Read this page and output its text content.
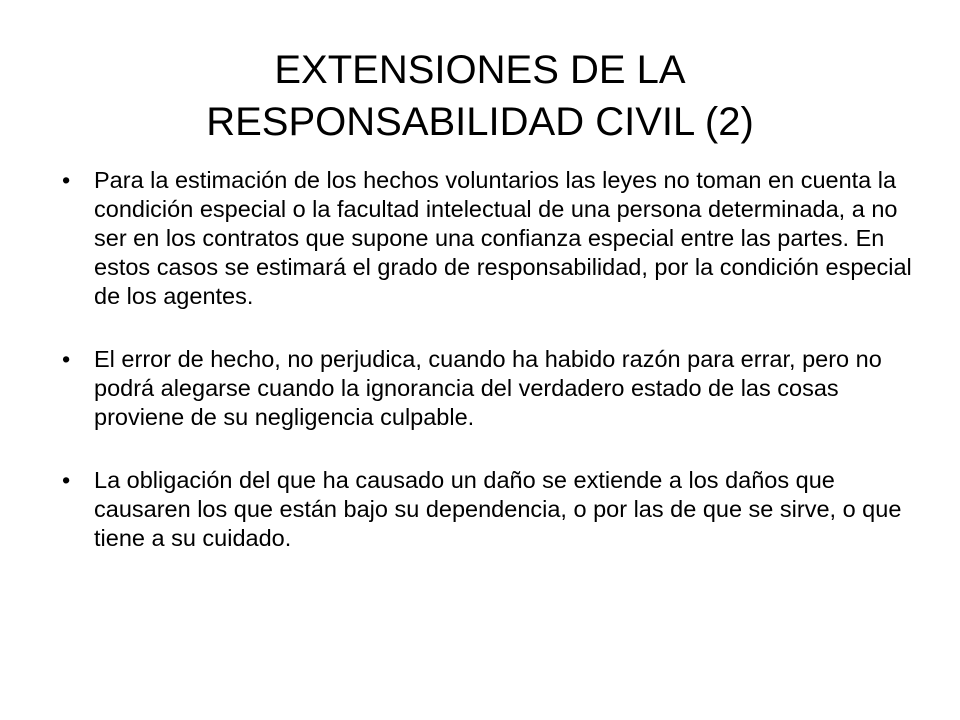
EXTENSIONES DE LA
RESPONSABILIDAD CIVIL (2)
• Para la estimación de los hechos voluntarios las leyes no toman en cuenta la condición especial o la facultad intelectual de una persona determinada, a no ser en los contratos que supone una confianza especial entre las partes. En estos casos se estimará el grado de responsabilidad, por la condición especial de los agentes.
• El error de hecho, no perjudica, cuando ha habido razón para errar, pero no podrá alegarse cuando la ignorancia del verdadero estado de las cosas proviene de su negligencia culpable.
• La obligación del que ha causado un daño se extiende a los daños que causaren los que están bajo su dependencia, o por las de que se sirve, o que tiene a su cuidado.
